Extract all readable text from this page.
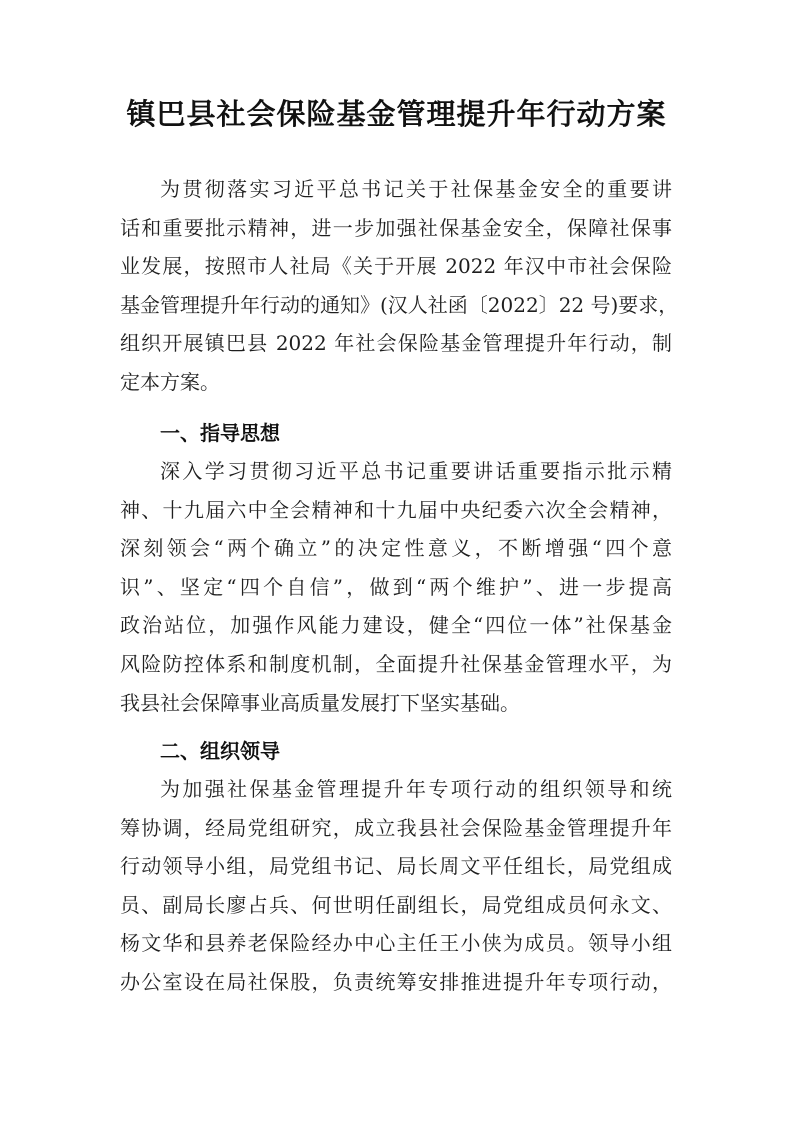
镇巴县社会保险基金管理提升年行动方案
为贯彻落实习近平总书记关于社保基金安全的重要讲
话和重要批示精神，进一步加强社保基金安全，保障社保事
业发展，按照市人社局《关于开展 2022 年汉中市社会保险
基金管理提升年行动的通知》(汉人社函〔2022〕22 号)要求，
组织开展镇巴县 2022 年社会保险基金管理提升年行动，制
定本方案。
一、指导思想
深入学习贯彻习近平总书记重要讲话重要指示批示精
神、十九届六中全会精神和十九届中央纪委六次全会精神，
深刻领会“两个确立”的决定性意义，不断增强“四个意
识”、坚定“四个自信”，做到“两个维护”、进一步提高
政治站位，加强作风能力建设，健全“四位一体”社保基金
风险防控体系和制度机制，全面提升社保基金管理水平，为
我县社会保障事业高质量发展打下坚实基础。
二、组织领导
为加强社保基金管理提升年专项行动的组织领导和统
筹协调，经局党组研究，成立我县社会保险基金管理提升年
行动领导小组，局党组书记、局长周文平任组长，局党组成
员、副局长廖占兵、何世明任副组长，局党组成员何永文、
杨文华和县养老保险经办中心主任王小侠为成员。领导小组
办公室设在局社保股，负责统筹安排推进提升年专项行动，
